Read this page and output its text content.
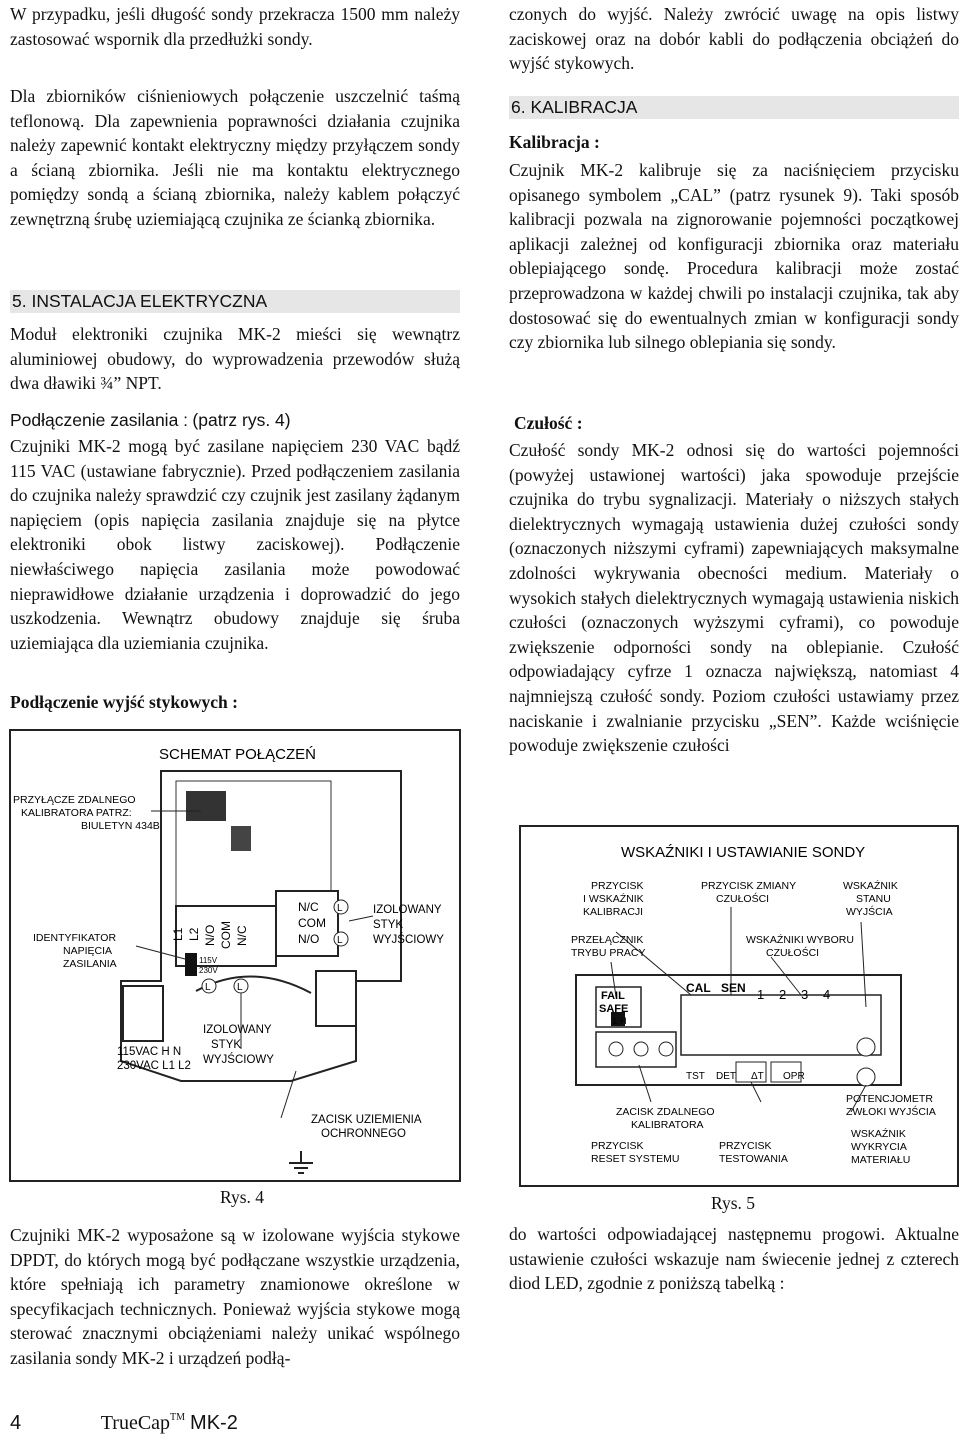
W przypadku, jeśli długość sondy przekracza 1500 mm należy zastosować wspornik dla przedłużki sondy.

Dla zbiorników ciśnieniowych połączenie uszczelnić taśmą teflonową. Dla zapewnienia poprawności działania czujnika należy zapewnić kontakt elektryczny między przyłączem sondy a ścianą zbiornika. Jeśli nie ma kontaktu elektrycznego pomiędzy sondą a ścianą zbiornika, należy kablem połączyć zewnętrzną śrubę uziemiającą czujnika ze ścianką zbiornika.

5. INSTALACJA ELEKTRYCZNA

Moduł elektroniki czujnika MK-2 mieści się wewnątrz aluminiowej obudowy, do wyprowadzenia przewodów służą dwa dławiki ¾” NPT.

Podłączenie zasilania : (patrz rys. 4)

Czujniki MK-2 mogą być zasilane napięciem 230 VAC bądź 115 VAC (ustawiane fabrycznie). Przed podłączeniem zasilania do czujnika należy sprawdzić czy czujnik jest zasilany żądanym napięciem (opis napięcia zasilania znajduje się na płytce elektroniki obok listwy zaciskowej). Podłączenie niewłaściwego napięcia zasilania może powodować nieprawidłowe działanie urządzenia i doprowadzić do jego uszkodzenia. Wewnątrz obudowy znajduje się śruba uziemiająca dla uziemiania czujnika.

Podłączenie wyjść stykowych :
Rys. 4

Czujniki MK-2 wyposażone są w izolowane wyjścia stykowe DPDT, do których mogą być podłączane wszystkie urządzenia, które spełniają ich parametry znamionowe określone w specyfikacjach technicznych. Ponieważ wyjścia stykowe mogą sterować znacznymi obciążeniami należy unikać wspólnego zasilania sondy MK-2 i urządzeń podłą-

SCHEMAT POŁĄCZEŃ
115V
230V
L1 L2 N/O COM N/C
N/C
COM
N/O
L
L
L	L
PRZYŁĄCZE ZDALNEGO KALIBRATORA PATRZ: BIULETYN 434B
IDENTYFIKATOR NAPIĘCIA ZASILANIA
IZOLOWANY STYK WYJŚCIOWY
IZOLOWANY STYK WYJŚCIOWY
115VAC H N 230VAC L1 L2
ZACISK UZIEMIENIA OCHRONNEGO

czonych do wyjść. Należy zwrócić uwagę na opis listwy zaciskowej oraz na dobór kabli do podłączenia obciążeń do wyjść stykowych.

6. KALIBRACJA
Kalibracja :

Czujnik MK-2 kalibruje się za naciśnięciem przycisku opisanego symbolem „CAL” (patrz rysunek 9). Taki sposób kalibracji pozwala na zignorowanie pojemności początkowej aplikacji zależnej od konfiguracji zbiornika oraz materiału oblepiającego sondę. Procedura kalibracji może zostać przeprowadzona w każdej chwili po instalacji czujnika, tak aby dostosować się do ewentualnych zmian w konfiguracji sondy czy zbiornika lub silnego oblepiania się sondy.

Czułość :

Czułość sondy MK-2 odnosi się do wartości pojemności (powyżej ustawionej wartości) jaka spowoduje przejście czujnika do trybu sygnalizacji. Materiały o niższych stałych dielektrycznych wymagają ustawienia dużej czułości sondy (oznaczonych niższymi cyframi) zapewniających maksymalne zdolności wykrywania obecności medium. Materiały o wysokich stałych dielektrycznych wymagają ustawienia niskich czułości (oznaczonych wyższymi cyframi), co powoduje zwiększenie odporności sondy na oblepianie. Czułość odpowiadający cyfrze 1 oznacza największą, natomiast 4 najmniejszą czułość sondy. Poziom czułości ustawiamy przez naciskanie i zwalnianie przycisku „SEN”. Każde wciśnięcie powoduje zwiększenie czułości

Rys. 5

do wartości odpowiadającej następnemu progowi. Aktualne ustawienie czułości wskazuje nam świecenie jednej z czterech diod LED, zgodnie z poniższą tabelką :

WSKAŹNIKI I USTAWIANIE SONDY
PRZYCISK I WSKAŹNIK KALIBRACJI
PRZYCISK ZMIANY CZUŁOŚCI
WSKAŹNIK STANU WYJŚCIA
PRZEŁĄCZNIK TRYBU PRACY
WSKAŹNIKI WYBORU CZUŁOŚCI
FAIL SAFE
L H
CAL SEN 1 2 3 4
TST DET ΔT OPR
ZACISK ZDALNEGO KALIBRATORA
POTENCJOMETR ZWŁOKI WYJŚCIA
PRZYCISK RESET SYSTEMU
PRZYCISK TESTOWANIA
WSKAŹNIK WYKRYCIA MATERIAŁU
4	TrueCap™ MK-2
